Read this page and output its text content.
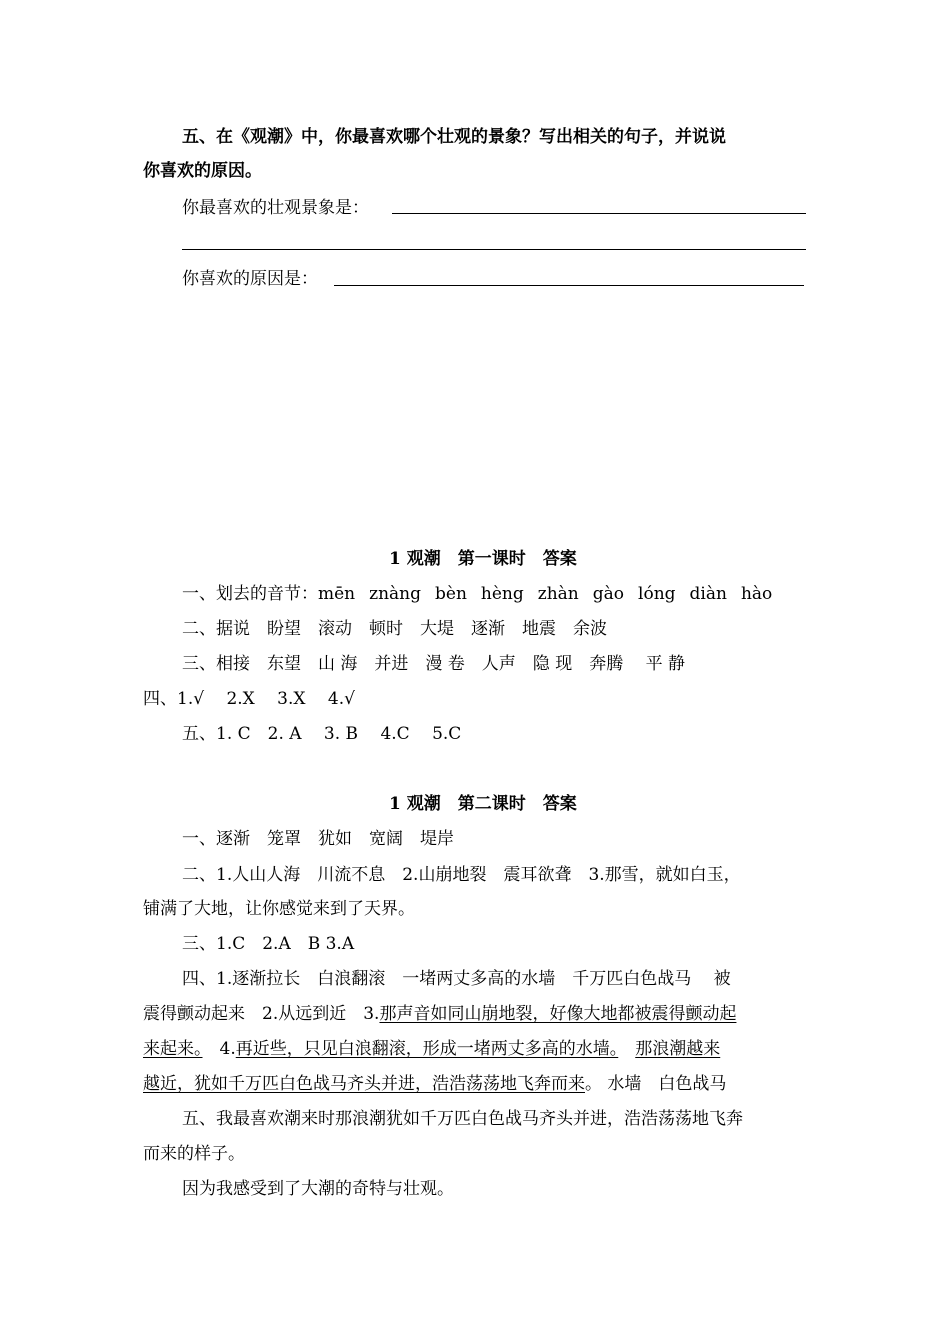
五、在《观潮》中，你最喜欢哪个壮观的景象？写出相关的句子，并说说
你喜欢的原因。
你最喜欢的壮观景象是：
你喜欢的原因是：
1 观潮　第一课时　答案
一、划去的音节：mēn znàng bèn hèng zhàn gào lóng diàn hào
二、据说　盼望　滚动　顿时　大堤　逐渐　地震　余波
三、相接　东望　山 海　并进　漫 卷　人声　隐 现　奔腾　 平 静
四、1.√　 2.X　 3.X　 4.√
五、1. C　2. A　 3. B　 4.C　 5.C
1 观潮　第二课时　答案
一、逐渐　笼罩　犹如　宽阔　堤岸
二、1.人山人海　川流不息　2.山崩地裂　震耳欲聋　3.那雪，就如白玉，
铺满了大地，让你感觉来到了天界。
三、1.C　2.A　B 3.A
四、1.逐渐拉长　白浪翻滚　一堵两丈多高的水墙　千万匹白色战马　 被
震得颤动起来　2.从远到近　3.那声音如同山崩地裂，好像大地都被震得颤动起
来起来。　4.再近些，只见白浪翻滚，形成一堵两丈多高的水墙。　 那浪潮越来
越近，犹如千万匹白色战马齐头并进，浩浩荡荡地飞奔而来。 水墙　白色战马
五、我最喜欢潮来时那浪潮犹如千万匹白色战马齐头并进，浩浩荡荡地飞奔
而来的样子。
因为我感受到了大潮的奇特与壮观。
